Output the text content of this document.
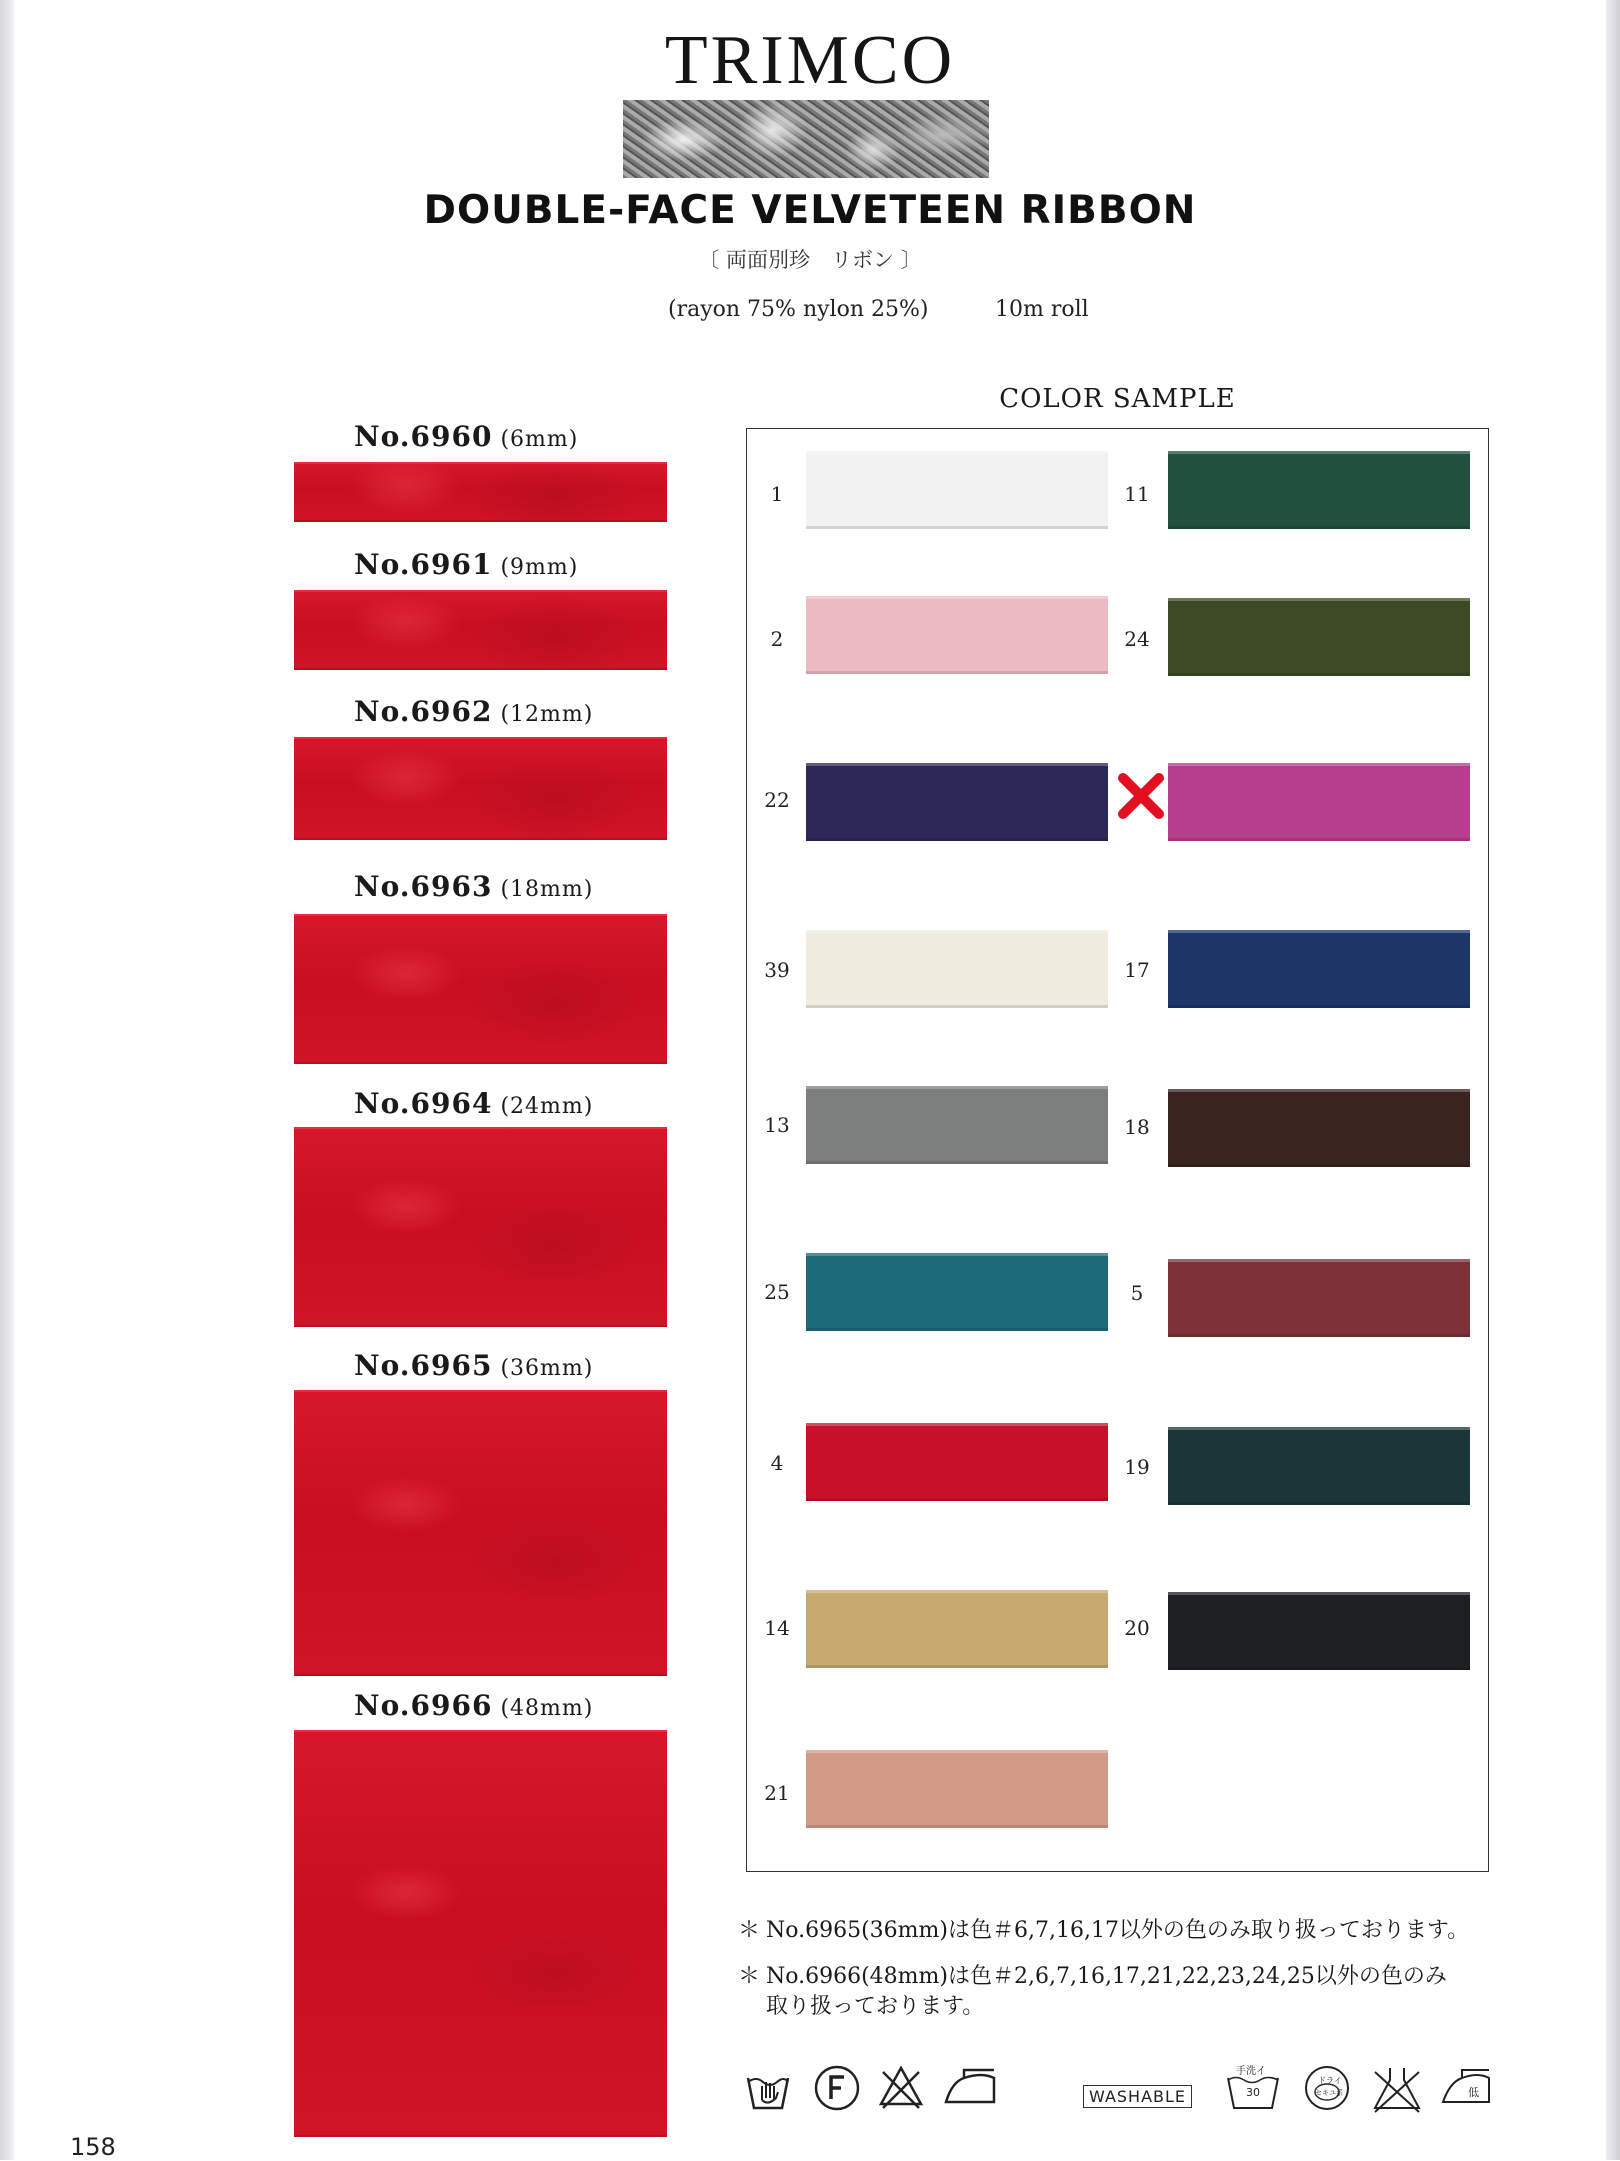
TRIMCO
DOUBLE-FACE VELVETEEN RIBBON
〔 両面別珍　リボン 〕
(rayon 75% nylon 25%)	10m roll
No.6960 (6mm)
No.6961 (9mm)
No.6962 (12mm)
No.6963 (18mm)
No.6964 (24mm)
No.6965 (36mm)
No.6966 (48mm)
COLOR SAMPLE
1
2
22
39
13
25
4
14
21
11
24
17
18
5
19
20
＊ No.6965(36mm)は色＃6,7,16,17以外の色のみ取り扱っております。
＊ No.6966(48mm)は色＃2,6,7,16,17,21,22,23,24,25以外の色のみ
取り扱っております。
WASHABLE
手洗イ
30
ドライ
セキユ系	低
158
